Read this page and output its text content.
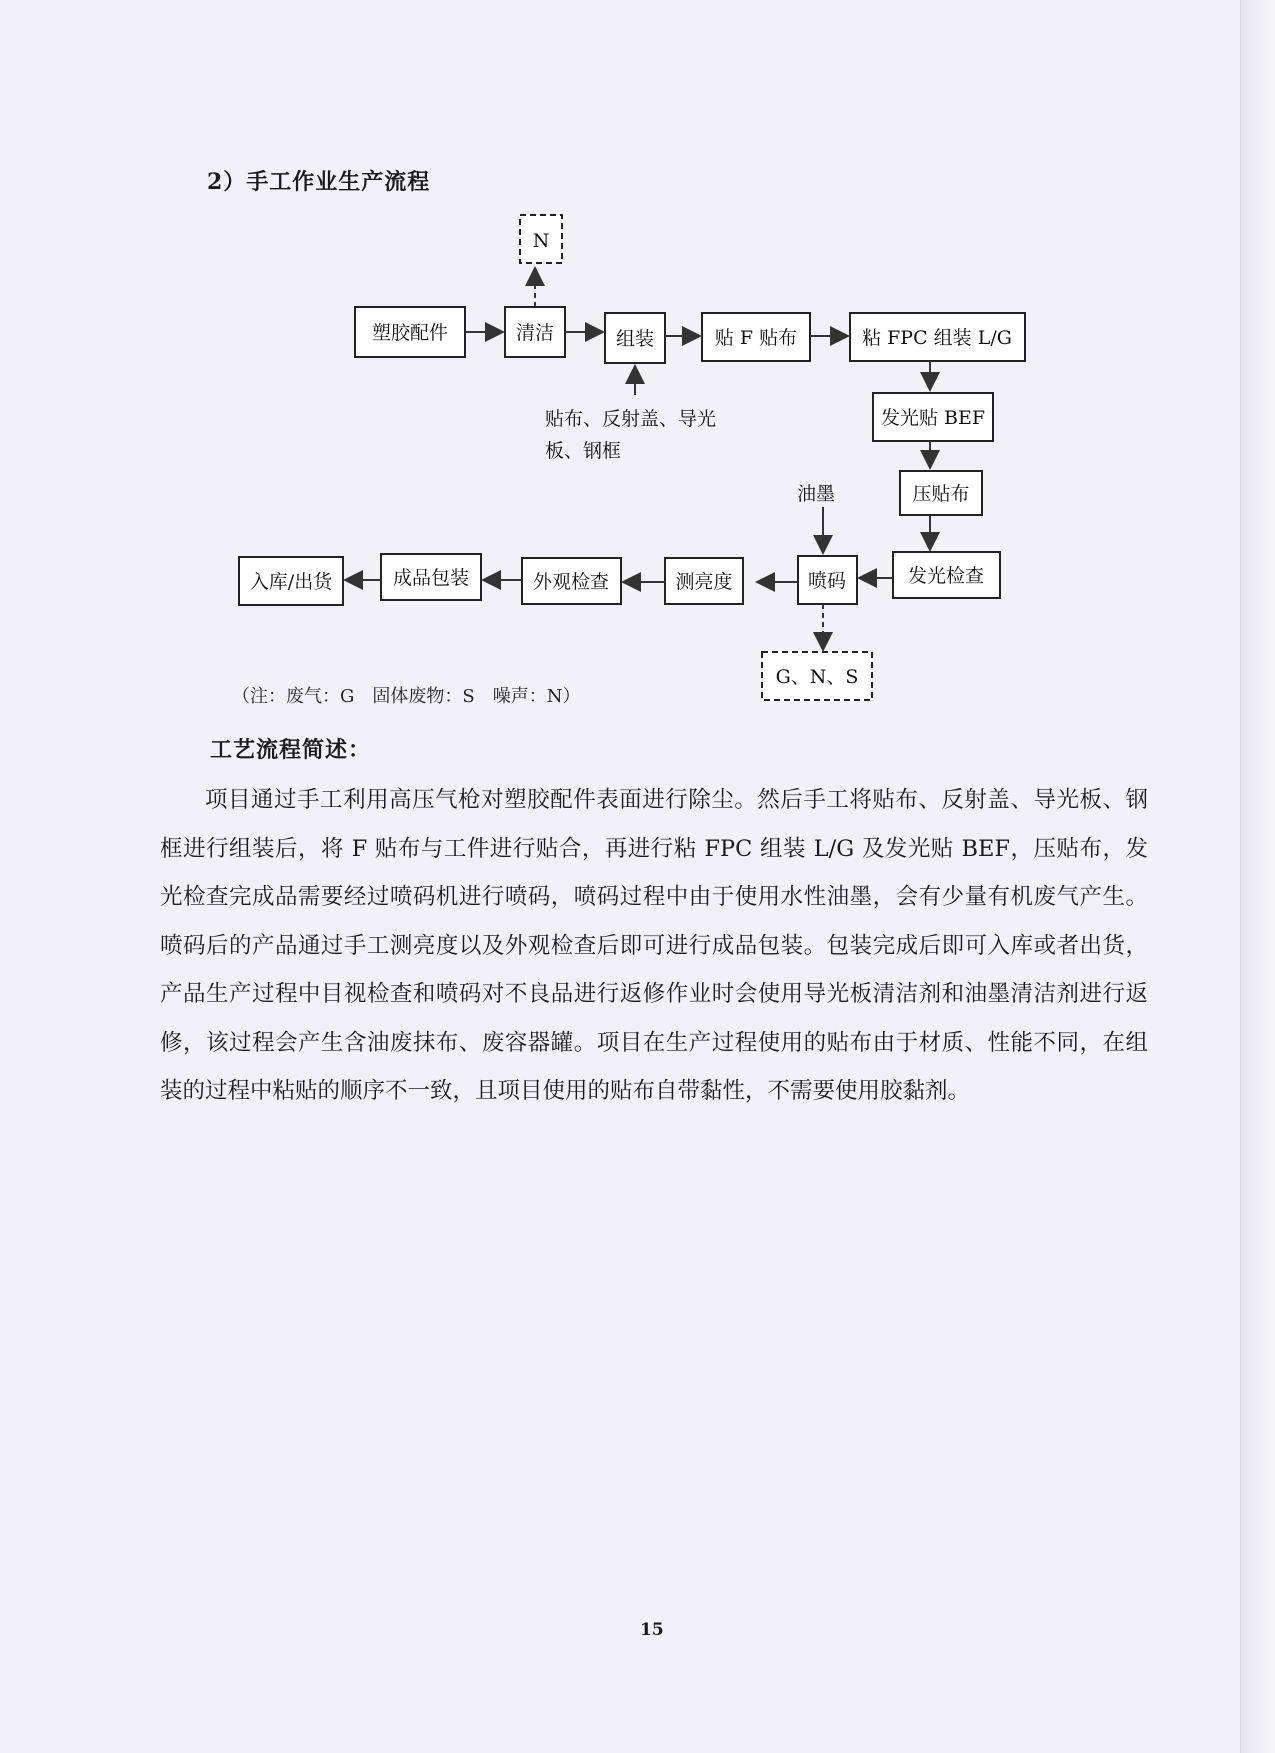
2）手工作业生产流程
N
塑胶配件	清洁	组装	贴 F 贴布	粘 FPC 组装 L/G
贴布、反射盖、导光
板、钢框
发光贴 BEF
压贴布
发光检查
油墨
喷码
测亮度
外观检查
成品包装
入库/出货
G、N、S
（注：废气：G　固体废物：S　噪声：N）
工艺流程简述：

项目通过手工利用高压气枪对塑胶配件表面进行除尘。然后手工将贴布、反射盖、导光板、钢框进行组装后，将 F 贴布与工件进行贴合，再进行粘 FPC 组装 L/G 及发光贴 BEF，压贴布，发光检查完成品需要经过喷码机进行喷码，喷码过程中由于使用水性油墨，会有少量有机废气产生。喷码后的产品通过手工测亮度以及外观检查后即可进行成品包装。包装完成后即可入库或者出货，产品生产过程中目视检查和喷码对不良品进行返修作业时会使用导光板清洁剂和油墨清洁剂进行返修，该过程会产生含油废抹布、废容器罐。项目在生产过程使用的贴布由于材质、性能不同，在组装的过程中粘贴的顺序不一致，且项目使用的贴布自带黏性，不需要使用胶黏剂。

15
